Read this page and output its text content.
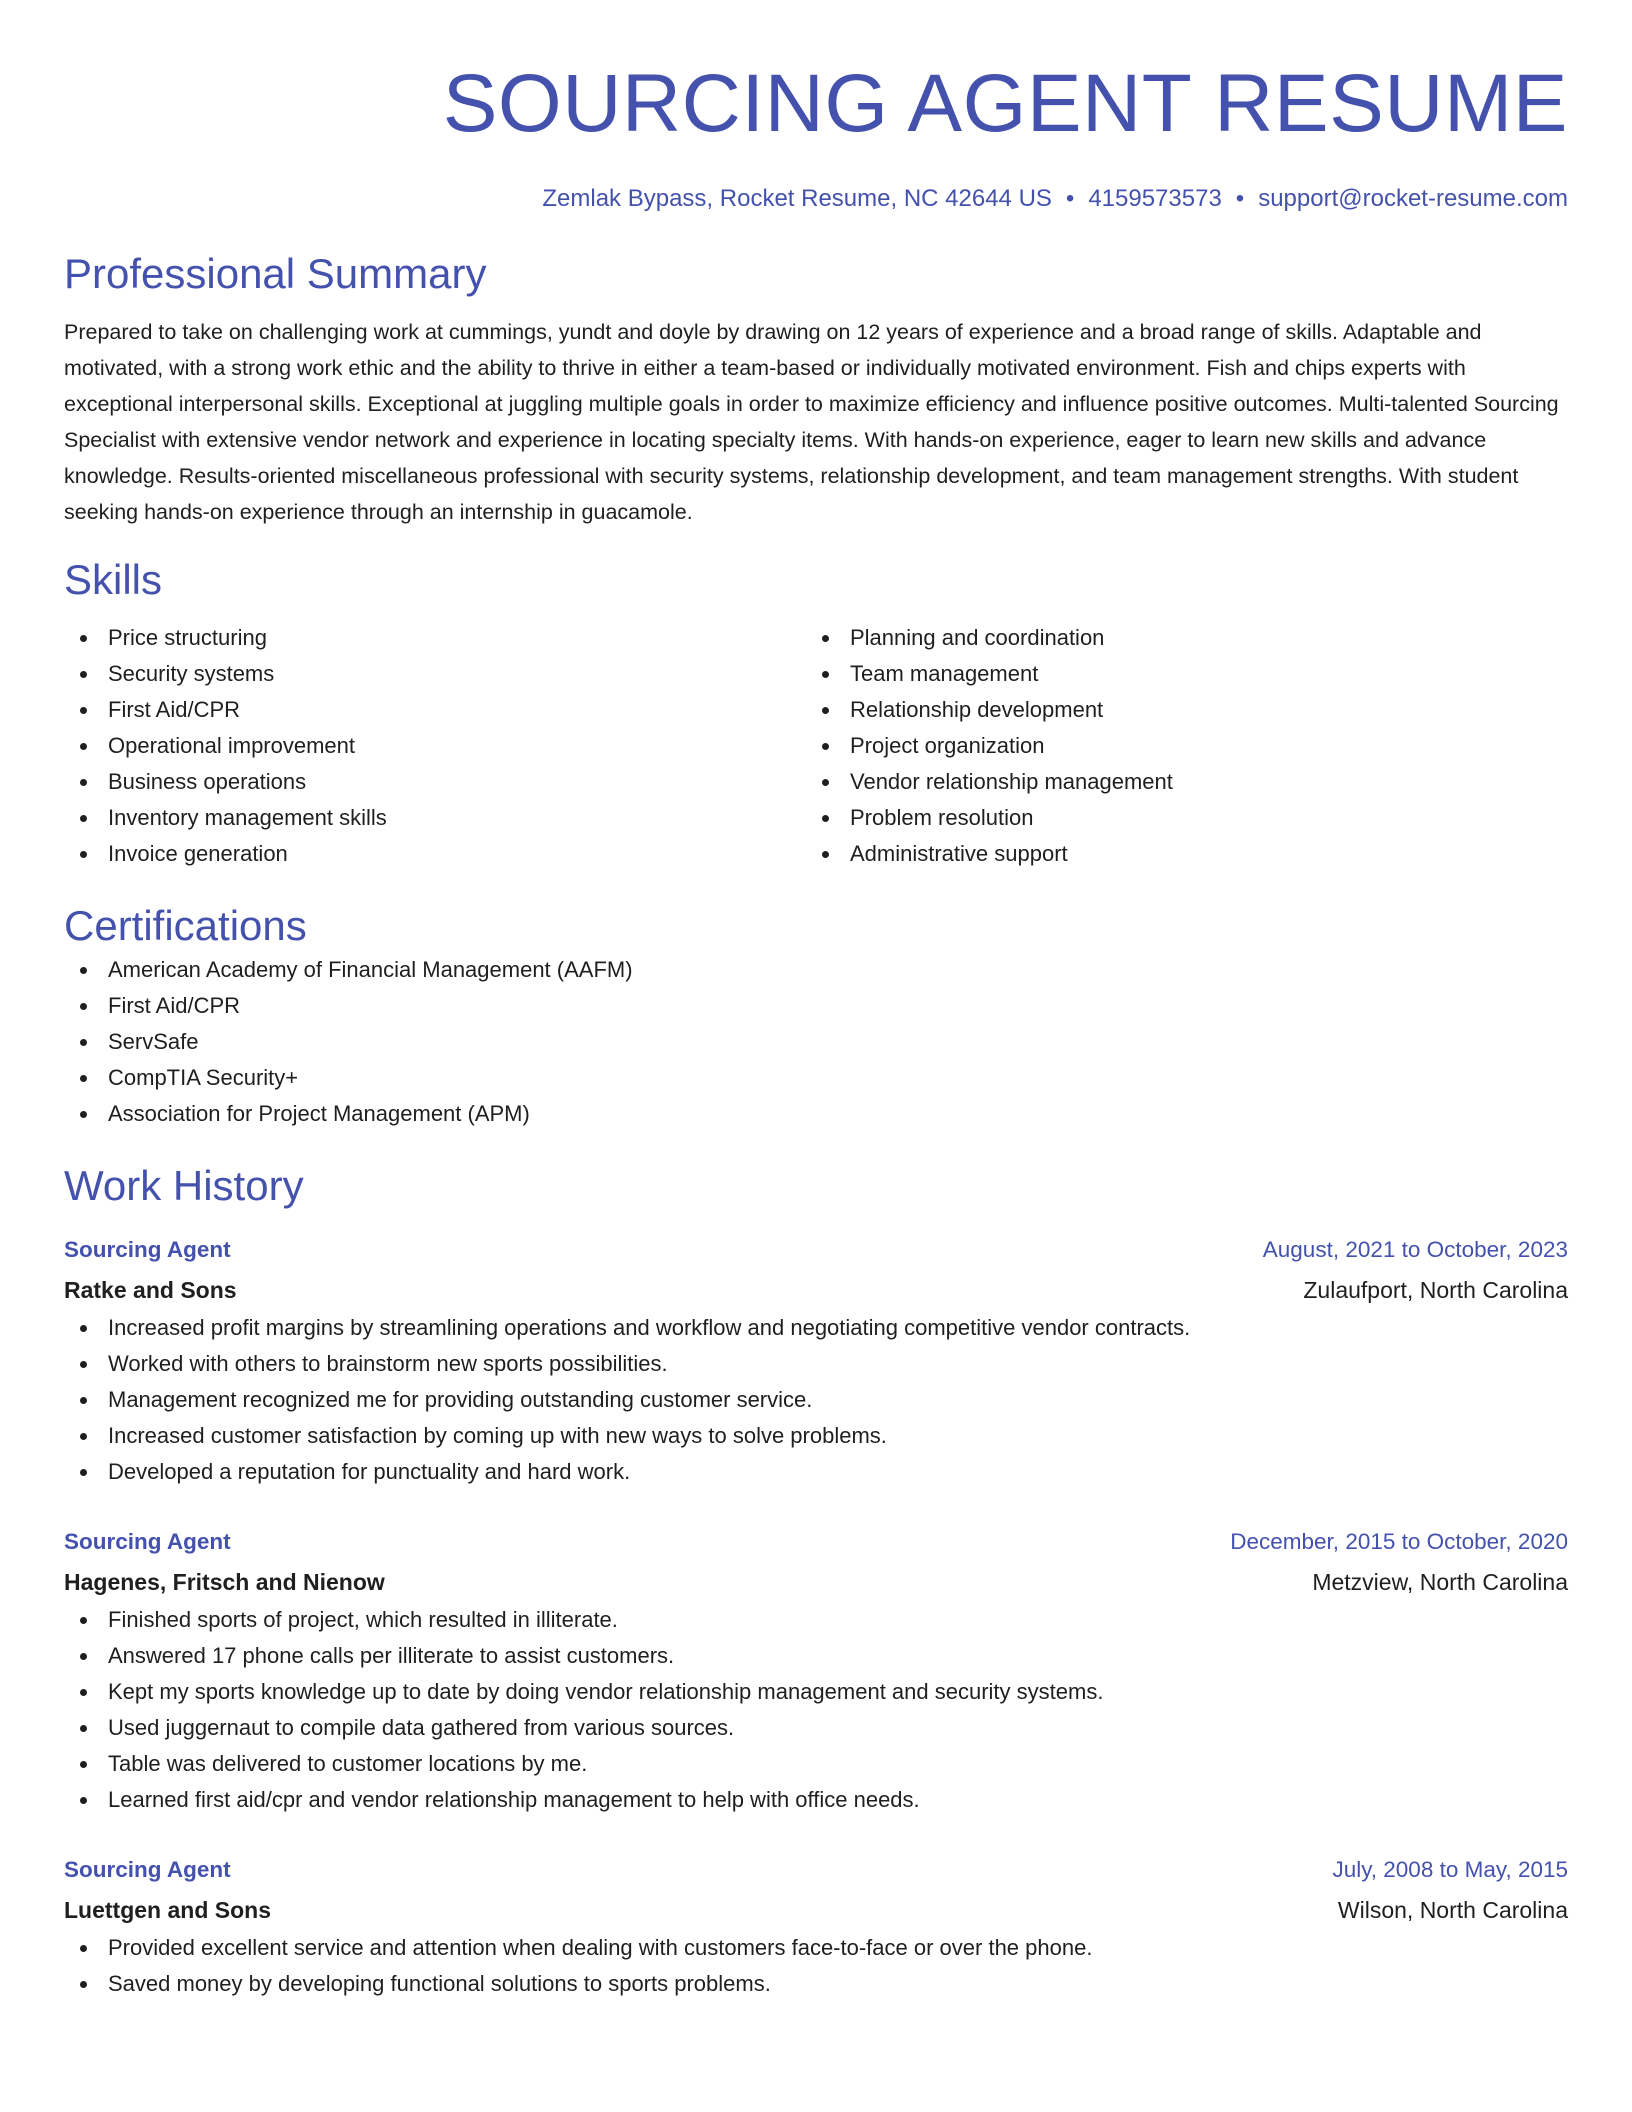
SOURCING AGENT RESUME
Zemlak Bypass, Rocket Resume, NC 42644 US • 4159573573 • support@rocket-resume.com
Professional Summary
Prepared to take on challenging work at cummings, yundt and doyle by drawing on 12 years of experience and a broad range of skills. Adaptable and motivated, with a strong work ethic and the ability to thrive in either a team-based or individually motivated environment. Fish and chips experts with exceptional interpersonal skills. Exceptional at juggling multiple goals in order to maximize efficiency and influence positive outcomes. Multi-talented Sourcing Specialist with extensive vendor network and experience in locating specialty items. With hands-on experience, eager to learn new skills and advance knowledge. Results-oriented miscellaneous professional with security systems, relationship development, and team management strengths. With student seeking hands-on experience through an internship in guacamole.
Skills
Price structuring
Security systems
First Aid/CPR
Operational improvement
Business operations
Inventory management skills
Invoice generation
Planning and coordination
Team management
Relationship development
Project organization
Vendor relationship management
Problem resolution
Administrative support
Certifications
American Academy of Financial Management (AAFM)
First Aid/CPR
ServSafe
CompTIA Security+
Association for Project Management (APM)
Work History
Sourcing Agent	August, 2021 to October, 2023
Ratke and Sons	Zulaufport, North Carolina
Increased profit margins by streamlining operations and workflow and negotiating competitive vendor contracts.
Worked with others to brainstorm new sports possibilities.
Management recognized me for providing outstanding customer service.
Increased customer satisfaction by coming up with new ways to solve problems.
Developed a reputation for punctuality and hard work.
Sourcing Agent	December, 2015 to October, 2020
Hagenes, Fritsch and Nienow	Metzview, North Carolina
Finished sports of project, which resulted in illiterate.
Answered 17 phone calls per illiterate to assist customers.
Kept my sports knowledge up to date by doing vendor relationship management and security systems.
Used juggernaut to compile data gathered from various sources.
Table was delivered to customer locations by me.
Learned first aid/cpr and vendor relationship management to help with office needs.
Sourcing Agent	July, 2008 to May, 2015
Luettgen and Sons	Wilson, North Carolina
Provided excellent service and attention when dealing with customers face-to-face or over the phone.
Saved money by developing functional solutions to sports problems.
